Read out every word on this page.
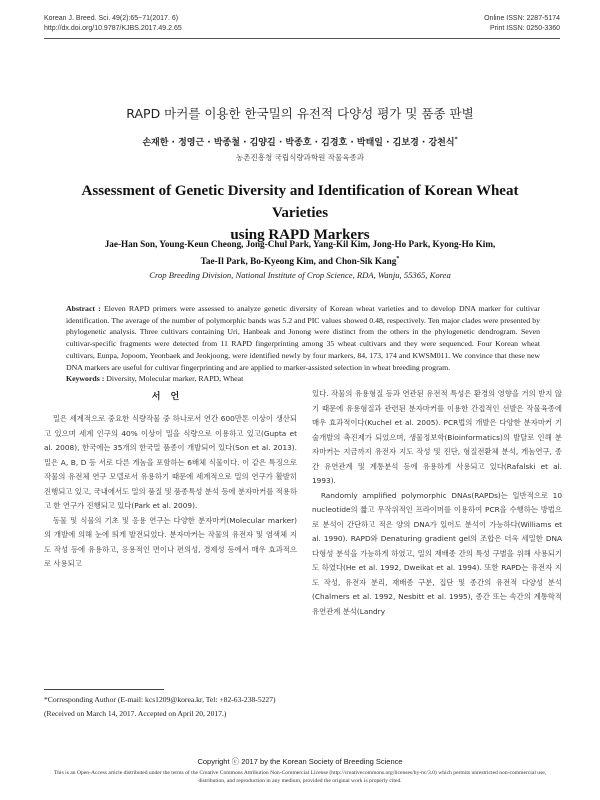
Korean J. Breed. Sci. 49(2):65~71(2017. 6)
http://dx.doi.org/10.9787/KJBS.2017.49.2.65
Online ISSN: 2287-5174
Print ISSN: 0250-3360
RAPD 마커를 이용한 한국밀의 유전적 다양성 평가 및 품종 판별
손재한 · 정영근 · 박종철 · 김양길 · 박종호 · 김경호 · 박태일 · 김보경 · 강천식*
농촌진흥청 국립식량과학원 작물육종과
Assessment of Genetic Diversity and Identification of Korean Wheat Varieties
using RAPD Markers
Jae-Han Son, Young-Keun Cheong, Jong-Chul Park, Yang-Kil Kim, Jong-Ho Park, Kyong-Ho Kim,
Tae-Il Park, Bo-Kyeong Kim, and Chon-Sik Kang*
Crop Breeding Division, National Institute of Crop Science, RDA, Wanju, 55365, Korea
Abstract : Eleven RAPD primers were assessed to analyze genetic diversity of Korean wheat varieties and to develop DNA marker for cultivar identification. The average of the number of polymorphic bands was 5.2 and PIC values showed 0.48, respectively. Ten major clades were presented by phylogenetic analysis. Three cultivars containing Uri, Hanbeak and Jonong were distinct from the others in the phylogenetic dendrogram. Seven cultivar-specific fragments were detected from 11 RAPD fingerprinting among 35 wheat cultivars and they were sequenced. Four Korean wheat cultivars, Eunpa, Jopoom, Yeonbaek and Jeokjoong, were identified newly by four markers, 84, 173, 174 and KWSM011. We convince that these new DNA markers are useful for cultivar fingerprinting and are applied to marker-assisted selection in wheat breeding program.
Keywords : Diversity, Molecular marker, RAPD, Wheat
서언

밀은 세계적으로 중요한 식량작물 중 하나로서 연간 600만톤 이상이 생산되고 있으며 세계 인구의 40% 이상이 밀을 식량으로 이용하고 있고(Gupta et al. 2008), 한국에는 35개의 한국밀 품종이 개발되어 있다(Son et al. 2013). 밀은 A, B, D 등 서로 다른 게놈을 포함하는 6배체 식물이다. 이 같은 특징으로 작물의 유전체 연구 모델로서 유용하기 때문에 세계적으로 밀의 연구가 활발히 진행되고 있고, 국내에서도 밀의 품질 및 품종특성 분석 등에 분자마커를 적용하고 한 연구가 진행되고 있다(Park et al. 2009).

동물 및 식물의 기초 및 응용 연구는 다양한 분자마커(Molecular marker)의 개발에 의해 눈에 띄게 발전되었다. 분자마커는 작물의 유전자 및 염색체 지도 작성 등에 유용하고, 응용적인 면이나 편의성, 경제성 등에서 매우 효과적으로 사용되고

있다. 작물의 유용형질 등과 연관된 유전적 특성은 환경의 영향을 거의 받지 않기 때문에 유용형질과 관련된 분자마커를 이용한 간접적인 선발은 작물육종에 매우 효과적이다(Kuchel et al. 2005). PCR법의 개발은 다양한 분자마커 기술개발의 촉진제가 되었으며, 생물정보학(Bioinformatics)의 발달로 인해 분자마커는 지금까지 유전자 지도 작성 및 진단, 형질전환체 분석, 게놈연구, 종간 유연관계 및 계통분석 등에 유용하게 사용되고 있다(Rafalski et al. 1993).

Randomly amplified polymorphic DNAs(RAPDs)는 일반적으로 10 nucleotide의 짧고 무작위적인 프라이머를 이용하여 PCR을 수행하는 방법으로 분석이 간단하고 적은 양의 DNA가 있어도 분석이 가능하다(Williams et al. 1990). RAPD와 Denaturing gradient gel의 조합은 더욱 세밀한 DNA 다형성 분석을 가능하게 하였고, 밀의 재배종 간의 특성 구별을 위해 사용되기도 하였다(He et al. 1992, Dweikat et al. 1994). 또한 RAPD는 유전자 지도 작성, 유전자 분리, 재배종 구분, 집단 및 종간의 유전적 다양성 분석(Chalmers et al. 1992, Nesbitt et al. 1995), 종간 또는 속간의 계통학적 유연관계 분석(Landry

*Corresponding Author (E-mail: kcs1209@korea.kr, Tel: +82-63-238-5227)

(Received on March 14, 2017. Accepted on April 20, 2017.)

Copyright ⓒ 2017 by the Korean Society of Breeding Science
This is an Open-Access article distributed under the terms of the Creative Commons Attribution Non-Commercial License (http://creativecommons.org/licenses/by-nc/3.0) which permits unrestricted non-commercial use, distribution, and reproduction in any medium, provided the original work is properly cited.
